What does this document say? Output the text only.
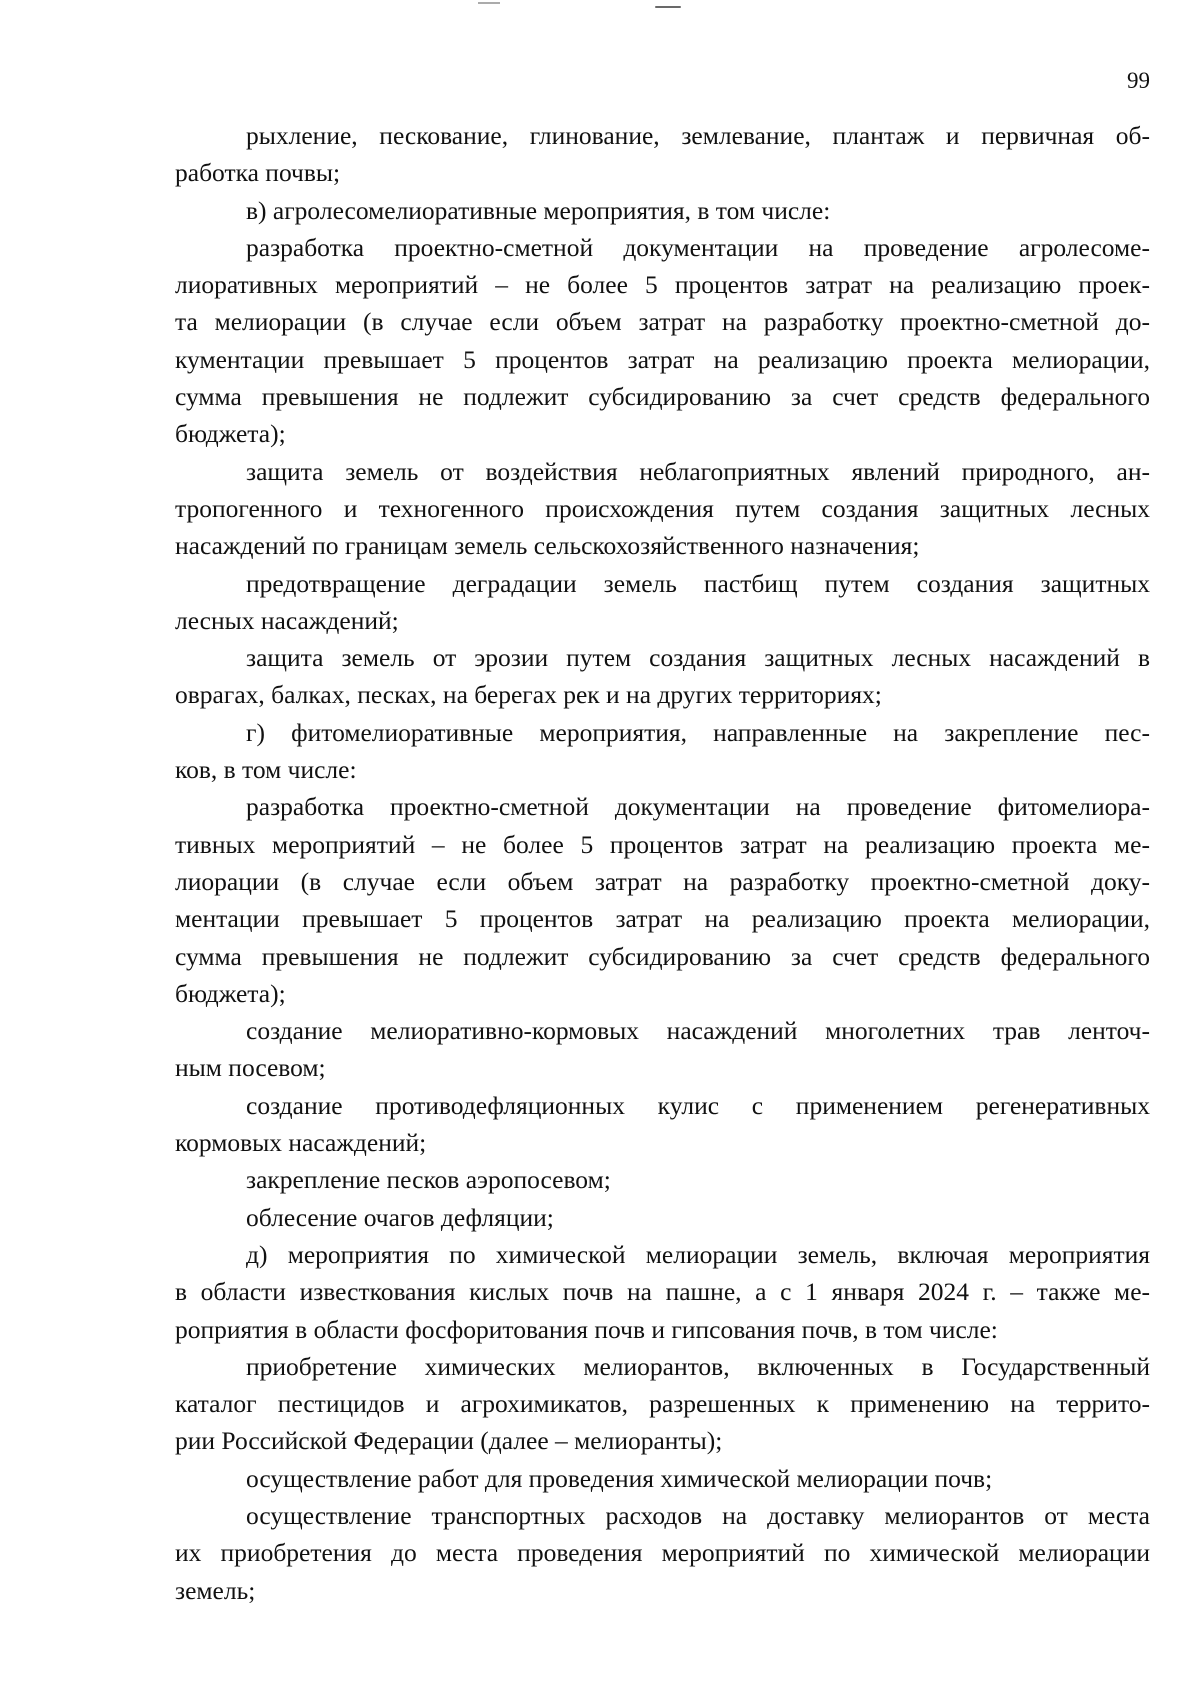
99
рыхление, пескование, глинование, землевание, плантаж и первичная об-
работка почвы;
в) агролесомелиоративные мероприятия, в том числе:
разработка проектно-сметной документации на проведение агролесоме-
лиоративных мероприятий – не более 5 процентов затрат на реализацию проек-
та мелиорации (в случае если объем затрат на разработку проектно-сметной до-
кументации превышает 5 процентов затрат на реализацию проекта мелиорации,
сумма превышения не подлежит субсидированию за счет средств федерального
бюджета);
защита земель от воздействия неблагоприятных явлений природного, ан-
тропогенного и техногенного происхождения путем создания защитных лесных
насаждений по границам земель сельскохозяйственного назначения;
предотвращение деградации земель пастбищ путем создания защитных
лесных насаждений;
защита земель от эрозии путем создания защитных лесных насаждений в
оврагах, балках, песках, на берегах рек и на других территориях;
г) фитомелиоративные мероприятия, направленные на закрепление пес-
ков, в том числе:
разработка проектно-сметной документации на проведение фитомелиора-
тивных мероприятий – не более 5 процентов затрат на реализацию проекта ме-
лиорации (в случае если объем затрат на разработку проектно-сметной доку-
ментации превышает 5 процентов затрат на реализацию проекта мелиорации,
сумма превышения не подлежит субсидированию за счет средств федерального
бюджета);
создание мелиоративно-кормовых насаждений многолетних трав ленточ-
ным посевом;
создание противодефляционных кулис с применением регенеративных
кормовых насаждений;
закрепление песков аэропосевом;
облесение очагов дефляции;
д) мероприятия по химической мелиорации земель, включая мероприятия
в области известкования кислых почв на пашне, а с 1 января 2024 г. – также ме-
роприятия в области фосфоритования почв и гипсования почв, в том числе:
приобретение химических мелиорантов, включенных в Государственный
каталог пестицидов и агрохимикатов, разрешенных к применению на террито-
рии Российской Федерации (далее – мелиоранты);
осуществление работ для проведения химической мелиорации почв;
осуществление транспортных расходов на доставку мелиорантов от места
их приобретения до места проведения мероприятий по химической мелиорации
земель;
